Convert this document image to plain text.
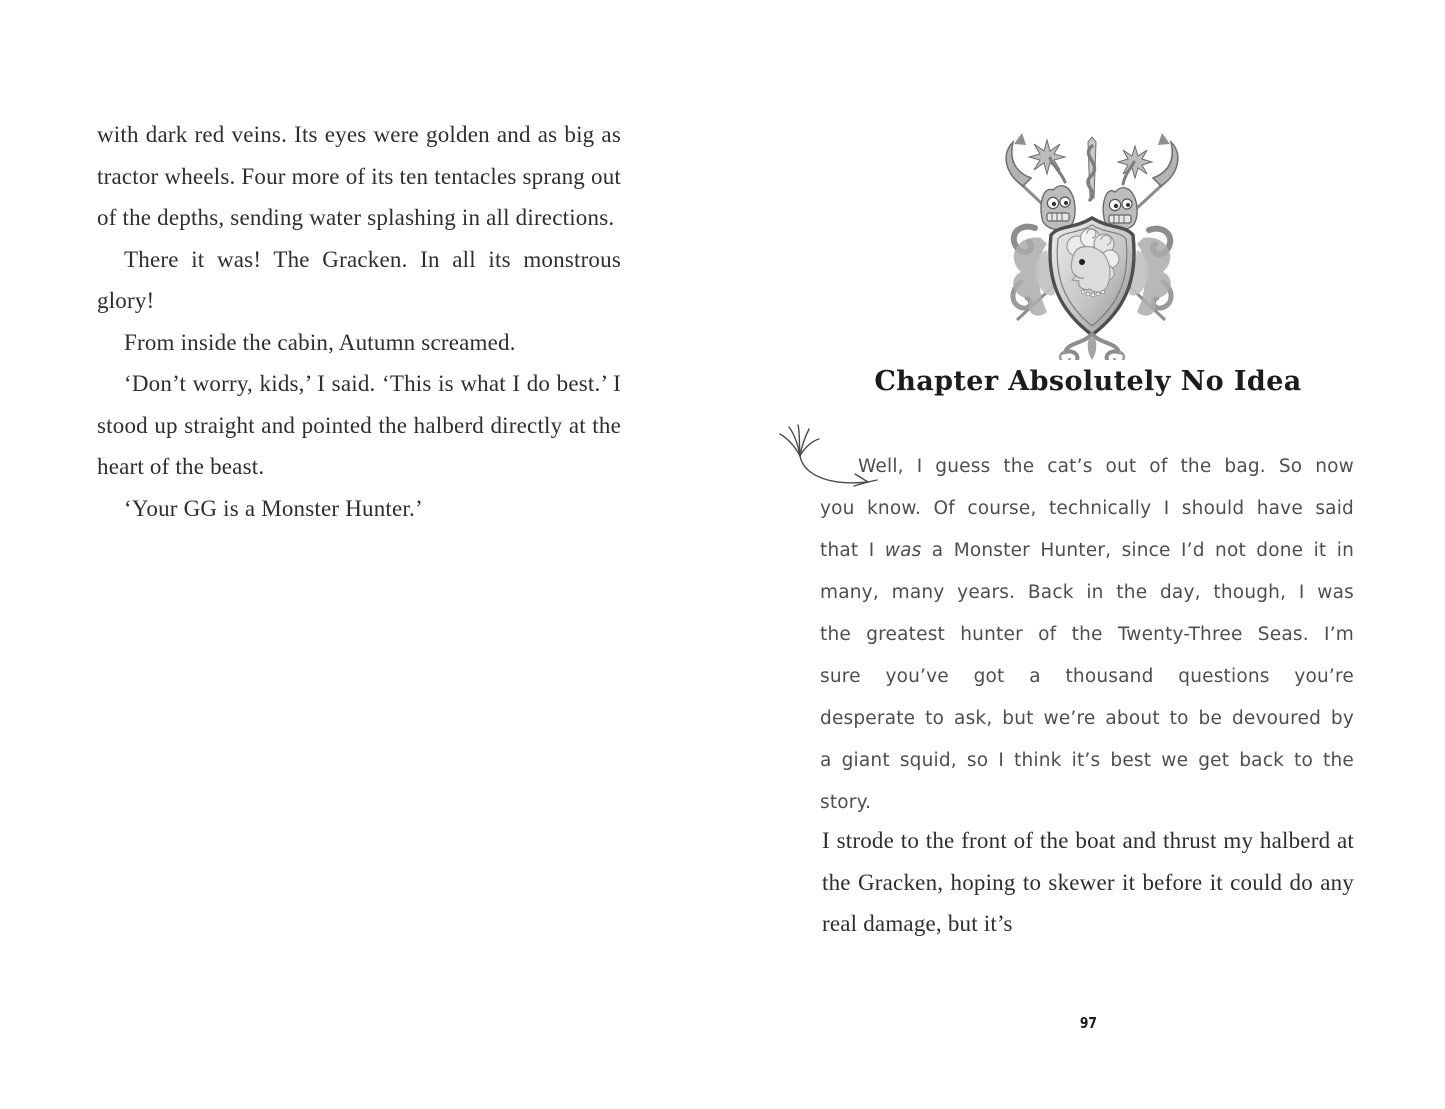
with dark red veins. Its eyes were golden and as big as tractor wheels. Four more of its ten tentacles sprang out of the depths, sending water splashing in all directions.

There it was! The Gracken. In all its monstrous glory!

From inside the cabin, Autumn screamed.

‘Don’t worry, kids,’ I said. ‘This is what I do best.’ I stood up straight and pointed the halberd directly at the heart of the beast.

‘Your GG is a Monster Hunter.’

Chapter Absolutely No Idea

Well, I guess the cat’s out of the bag. So now you know. Of course, technically I should have said that I was a Monster Hunter, since I’d not done it in many, many years. Back in the day, though, I was the greatest hunter of the Twenty-Three Seas. I’m sure you’ve got a thousand questions you’re desperate to ask, but we’re about to be devoured by a giant squid, so I think it’s best we get back to the story.

I strode to the front of the boat and thrust my halberd at the Gracken, hoping to skewer it before it could do any real damage, but it’s

97
